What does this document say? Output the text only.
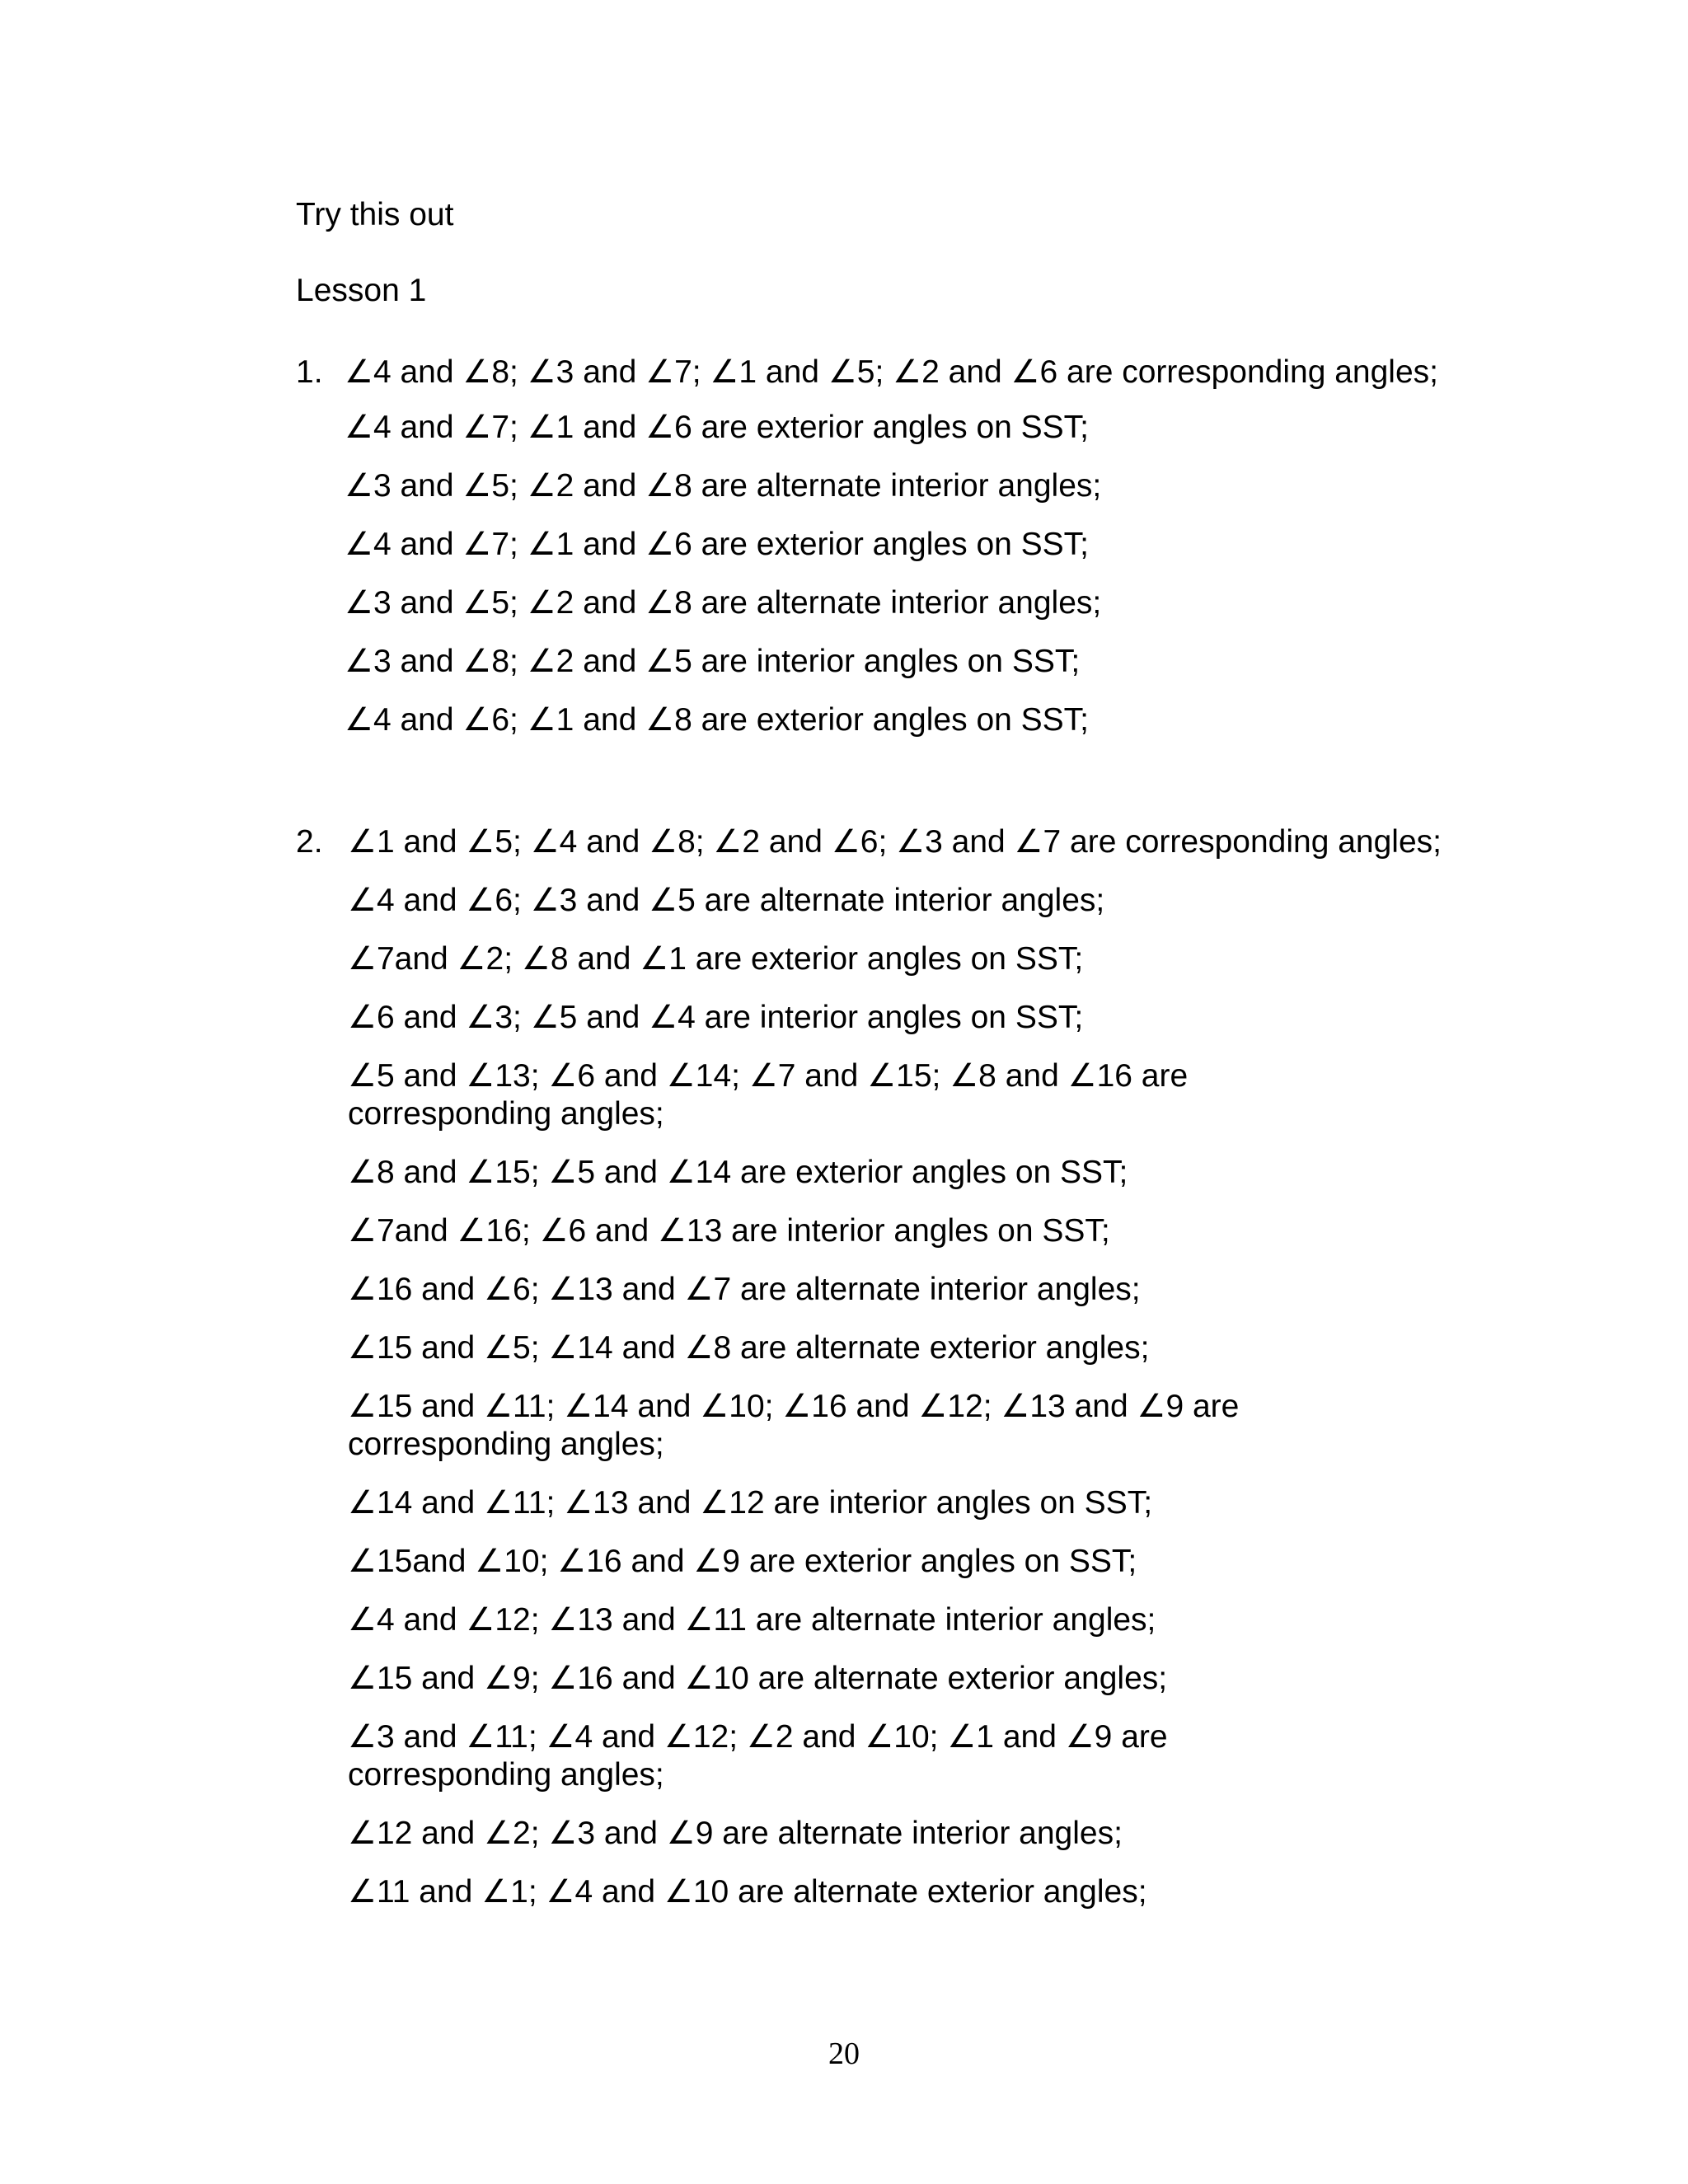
Try this out

Lesson 1

1. ∠4 and ∠8; ∠3 and ∠7; ∠1 and ∠5; ∠2 and ∠6 are corresponding angles;
∠4 and ∠7; ∠1 and ∠6 are exterior angles on SST;
∠3 and ∠5; ∠2 and ∠8 are alternate interior angles;
∠4 and ∠7; ∠1 and ∠6 are exterior angles on SST;
∠3 and ∠5; ∠2 and ∠8 are alternate interior angles;
∠3 and ∠8; ∠2 and ∠5 are interior angles on SST;
∠4 and ∠6; ∠1 and ∠8 are exterior angles on SST;
2. ∠1 and ∠5; ∠4 and ∠8; ∠2 and ∠6; ∠3 and ∠7 are corresponding angles;
∠4 and ∠6; ∠3 and ∠5 are alternate interior angles;
∠7and ∠2; ∠8 and ∠1 are exterior angles on SST;
∠6 and ∠3; ∠5 and ∠4 are interior angles on SST;
∠5 and ∠13; ∠6 and ∠14; ∠7 and ∠15; ∠8 and ∠16 are corresponding angles;
∠8 and ∠15; ∠5 and ∠14 are exterior angles on SST;
∠7and ∠16; ∠6 and ∠13 are interior angles on SST;
∠16 and ∠6; ∠13 and ∠7 are alternate interior angles;
∠15 and ∠5; ∠14 and ∠8 are alternate exterior angles;
∠15 and ∠11; ∠14 and ∠10; ∠16 and ∠12; ∠13 and ∠9 are corresponding angles;
∠14 and ∠11; ∠13 and ∠12 are interior angles on SST;
∠15and ∠10; ∠16 and ∠9 are exterior angles on SST;
∠4 and ∠12; ∠13 and ∠11 are alternate interior angles;
∠15 and ∠9; ∠16 and ∠10 are alternate exterior angles;
∠3 and ∠11; ∠4 and ∠12; ∠2 and ∠10; ∠1 and ∠9 are corresponding angles;
∠12 and ∠2; ∠3 and ∠9 are alternate interior angles;
∠11 and ∠1; ∠4 and ∠10 are alternate exterior angles;
20
